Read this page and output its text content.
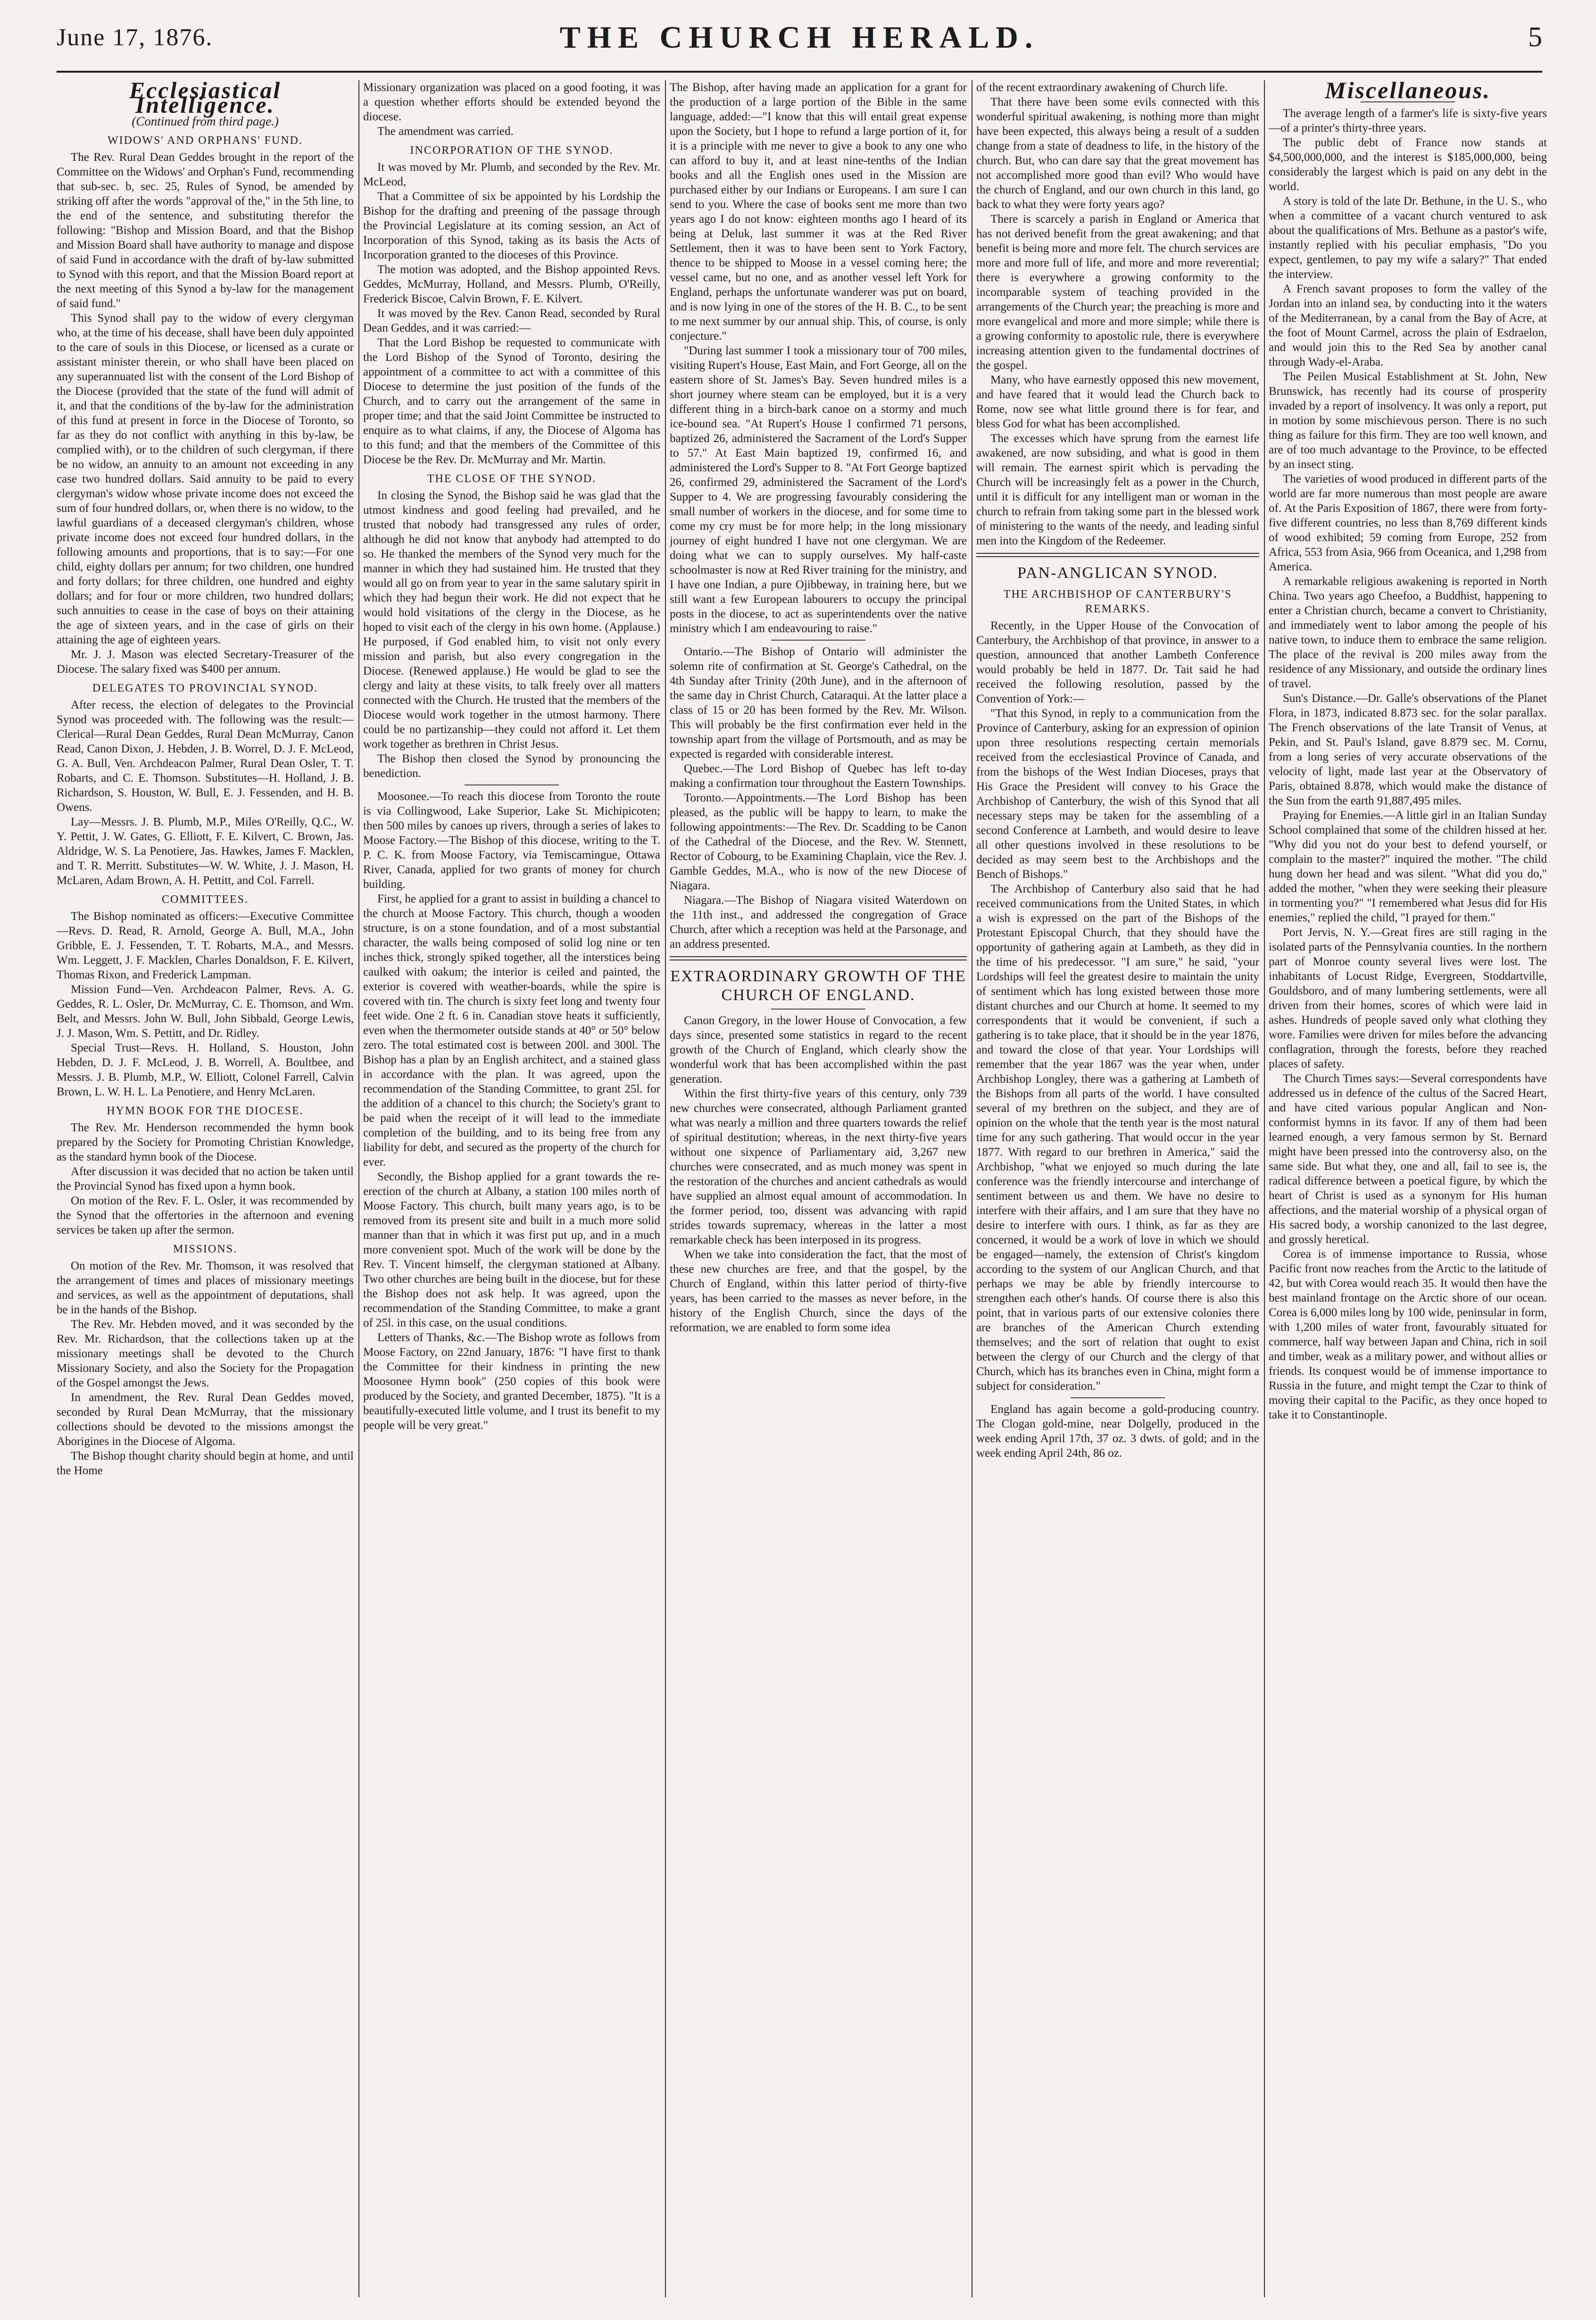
June 17, 1876.	THE CHURCH HERALD.	5
Ecclesiastical Intelligence.
(Continued from third page.)
WIDOWS' AND ORPHANS' FUND.

The Rev. Rural Dean Geddes brought in the report of the Committee on the Widows' and Orphan's Fund, recommending that sub-sec. b, sec. 25, Rules of Synod, be amended by striking off after the words "approval of the," in the 5th line, to the end of the sentence, and substituting therefor the following: "Bishop and Mission Board, and that the Bishop and Mission Board shall have authority to manage and dispose of said Fund in accordance with the draft of by-law submitted to Synod with this report, and that the Mission Board report at the next meeting of this Synod a by-law for the management of said fund."

This Synod shall pay to the widow of every clergyman who, at the time of his decease, shall have been duly appointed to the care of souls in this Diocese, or licensed as a curate or assistant minister therein, or who shall have been placed on any superannuated list with the consent of the Lord Bishop of the Diocese (provided that the state of the fund will admit of it, and that the conditions of the by-law for the administration of this fund at present in force in the Diocese of Toronto, so far as they do not conflict with anything in this by-law, be complied with), or to the children of such clergyman, if there be no widow, an annuity to an amount not exceeding in any case two hundred dollars. Said annuity to be paid to every clergyman's widow whose private income does not exceed the sum of four hundred dollars, or, when there is no widow, to the lawful guardians of a deceased clergyman's children, whose private income does not exceed four hundred dollars, in the following amounts and proportions, that is to say:—For one child, eighty dollars per annum; for two children, one hundred and forty dollars; for three children, one hundred and eighty dollars; and for four or more children, two hundred dollars; such annuities to cease in the case of boys on their attaining the age of sixteen years, and in the case of girls on their attaining the age of eighteen years.

Mr. J. J. Mason was elected Secretary-Treasurer of the Diocese. The salary fixed was $400 per annum.

DELEGATES TO PROVINCIAL SYNOD.

After recess, the election of delegates to the Provincial Synod was proceeded with. The following was the result:—Clerical—Rural Dean Geddes, Rural Dean McMurray, Canon Read, Canon Dixon, J. Hebden, J. B. Worrel, D. J. F. McLeod, G. A. Bull, Ven. Archdeacon Palmer, Rural Dean Osler, T. T. Robarts, and C. E. Thomson. Substitutes—H. Holland, J. B. Richardson, S. Houston, W. Bull, E. J. Fessenden, and H. B. Owens.

Lay—Messrs. J. B. Plumb, M.P., Miles O'Reilly, Q.C., W. Y. Pettit, J. W. Gates, G. Elliott, F. E. Kilvert, C. Brown, Jas. Aldridge, W. S. La Penotiere, Jas. Hawkes, James F. Macklen, and T. R. Merritt. Substitutes—W. W. White, J. J. Mason, H. McLaren, Adam Brown, A. H. Pettitt, and Col. Farrell.

COMMITTEES.

The Bishop nominated as officers:—Executive Committee—Revs. D. Read, R. Arnold, George A. Bull, M.A., John Gribble, E. J. Fessenden, T. T. Robarts, M.A., and Messrs. Wm. Leggett, J. F. Macklen, Charles Donaldson, F. E. Kilvert, Thomas Rixon, and Frederick Lampman.

Mission Fund—Ven. Archdeacon Palmer, Revs. A. G. Geddes, R. L. Osler, Dr. McMurray, C. E. Thomson, and Wm. Belt, and Messrs. John W. Bull, John Sibbald, George Lewis, J. J. Mason, Wm. S. Pettitt, and Dr. Ridley.

Special Trust—Revs. H. Holland, S. Houston, John Hebden, D. J. F. McLeod, J. B. Worrell, A. Boultbee, and Messrs. J. B. Plumb, M.P., W. Elliott, Colonel Farrell, Calvin Brown, L. W. H. L. La Penotiere, and Henry McLaren.

HYMN BOOK FOR THE DIOCESE.

The Rev. Mr. Henderson recommended the hymn book prepared by the Society for Promoting Christian Knowledge, as the standard hymn book of the Diocese.

After discussion it was decided that no action be taken until the Provincial Synod has fixed upon a hymn book.

On motion of the Rev. F. L. Osler, it was recommended by the Synod that the offertories in the afternoon and evening services be taken up after the sermon.

MISSIONS.

On motion of the Rev. Mr. Thomson, it was resolved that the arrangement of times and places of missionary meetings and services, as well as the appointment of deputations, shall be in the hands of the Bishop.

The Rev. Mr. Hebden moved, and it was seconded by the Rev. Mr. Richardson, that the collections taken up at the missionary meetings shall be devoted to the Church Missionary Society, and also the Society for the Propagation of the Gospel amongst the Jews.

In amendment, the Rev. Rural Dean Geddes moved, seconded by Rural Dean McMurray, that the missionary collections should be devoted to the missions amongst the Aborigines in the Diocese of Algoma.

The Bishop thought charity should begin at home, and until the Home

Missionary organization was placed on a good footing, it was a question whether efforts should be extended beyond the diocese.

The amendment was carried.

INCORPORATION OF THE SYNOD.

It was moved by Mr. Plumb, and seconded by the Rev. Mr. McLeod,

That a Committee of six be appointed by his Lordship the Bishop for the drafting and preening of the passage through the Provincial Legislature at its coming session, an Act of Incorporation of this Synod, taking as its basis the Acts of Incorporation granted to the dioceses of this Province.

The motion was adopted, and the Bishop appointed Revs. Geddes, McMurray, Holland, and Messrs. Plumb, O'Reilly, Frederick Biscoe, Calvin Brown, F. E. Kilvert.

It was moved by the Rev. Canon Read, seconded by Rural Dean Geddes, and it was carried:—

That the Lord Bishop be requested to communicate with the Lord Bishop of the Synod of Toronto, desiring the appointment of a committee to act with a committee of this Diocese to determine the just position of the funds of the Church, and to carry out the arrangement of the same in proper time; and that the said Joint Committee be instructed to enquire as to what claims, if any, the Diocese of Algoma has to this fund; and that the members of the Committee of this Diocese be the Rev. Dr. McMurray and Mr. Martin.

THE CLOSE OF THE SYNOD.

In closing the Synod, the Bishop said he was glad that the utmost kindness and good feeling had prevailed, and he trusted that nobody had transgressed any rules of order, although he did not know that anybody had attempted to do so. He thanked the members of the Synod very much for the manner in which they had sustained him. He trusted that they would all go on from year to year in the same salutary spirit in which they had begun their work. He did not expect that he would hold visitations of the clergy in the Diocese, as he hoped to visit each of the clergy in his own home. (Applause.) He purposed, if God enabled him, to visit not only every mission and parish, but also every congregation in the Diocese. (Renewed applause.) He would be glad to see the clergy and laity at these visits, to talk freely over all matters connected with the Church. He trusted that the members of the Diocese would work together in the utmost harmony. There could be no partizanship—they could not afford it. Let them work together as brethren in Christ Jesus.

The Bishop then closed the Synod by pronouncing the benediction.

Moosonee.—To reach this diocese from Toronto the route is via Collingwood, Lake Superior, Lake St. Michipicoten; then 500 miles by canoes up rivers, through a series of lakes to Moose Factory.—The Bishop of this diocese, writing to the T. P. C. K. from Moose Factory, via Temiscamingue, Ottawa River, Canada, applied for two grants of money for church building.

First, he applied for a grant to assist in building a chancel to the church at Moose Factory. This church, though a wooden structure, is on a stone foundation, and of a most substantial character, the walls being composed of solid log nine or ten inches thick, strongly spiked together, all the interstices being caulked with oakum; the interior is ceiled and painted, the exterior is covered with weather-boards, while the spire is covered with tin. The church is sixty feet long and twenty four feet wide. One 2 ft. 6 in. Canadian stove heats it sufficiently, even when the thermometer outside stands at 40° or 50° below zero. The total estimated cost is between 200l. and 300l. The Bishop has a plan by an English architect, and a stained glass in accordance with the plan. It was agreed, upon the recommendation of the Standing Committee, to grant 25l. for the addition of a chancel to this church; the Society's grant to be paid when the receipt of it will lead to the immediate completion of the building, and to its being free from any liability for debt, and secured as the property of the church for ever.

Secondly, the Bishop applied for a grant towards the re-erection of the church at Albany, a station 100 miles north of Moose Factory. This church, built many years ago, is to be removed from its present site and built in a much more solid manner than that in which it was first put up, and in a much more convenient spot. Much of the work will be done by the Rev. T. Vincent himself, the clergyman stationed at Albany. Two other churches are being built in the diocese, but for these the Bishop does not ask help. It was agreed, upon the recommendation of the Standing Committee, to make a grant of 25l. in this case, on the usual conditions.

Letters of Thanks, &c.—The Bishop wrote as follows from Moose Factory, on 22nd January, 1876: "I have first to thank the Committee for their kindness in printing the new Moosonee Hymn book" (250 copies of this book were produced by the Society, and granted December, 1875). "It is a beautifully-executed little volume, and I trust its benefit to my people will be very great."

The Bishop, after having made an application for a grant for the production of a large portion of the Bible in the same language, added:—"I know that this will entail great expense upon the Society, but I hope to refund a large portion of it, for it is a principle with me never to give a book to any one who can afford to buy it, and at least nine-tenths of the Indian books and all the English ones used in the Mission are purchased either by our Indians or Europeans. I am sure I can send to you. Where the case of books sent me more than two years ago I do not know: eighteen months ago I heard of its being at Deluk, last summer it was at the Red River Settlement, then it was to have been sent to York Factory, thence to be shipped to Moose in a vessel coming here; the vessel came, but no one, and as another vessel left York for England, perhaps the unfortunate wanderer was put on board, and is now lying in one of the stores of the H. B. C., to be sent to me next summer by our annual ship. This, of course, is only conjecture."

"During last summer I took a missionary tour of 700 miles, visiting Rupert's House, East Main, and Fort George, all on the eastern shore of St. James's Bay. Seven hundred miles is a short journey where steam can be employed, but it is a very different thing in a birch-bark canoe on a stormy and much ice-bound sea. "At Rupert's House I confirmed 71 persons, baptized 26, administered the Sacrament of the Lord's Supper to 57." At East Main baptized 19, confirmed 16, and administered the Lord's Supper to 8. "At Fort George baptized 26, confirmed 29, administered the Sacrament of the Lord's Supper to 4. We are progressing favourably considering the small number of workers in the diocese, and for some time to come my cry must be for more help; in the long missionary journey of eight hundred I have not one clergyman. We are doing what we can to supply ourselves. My half-caste schoolmaster is now at Red River training for the ministry, and I have one Indian, a pure Ojibbeway, in training here, but we still want a few European labourers to occupy the principal posts in the diocese, to act as superintendents over the native ministry which I am endeavouring to raise."

Ontario.—The Bishop of Ontario will administer the solemn rite of confirmation at St. George's Cathedral, on the 4th Sunday after Trinity (20th June), and in the afternoon of the same day in Christ Church, Cataraqui. At the latter place a class of 15 or 20 has been formed by the Rev. Mr. Wilson. This will probably be the first confirmation ever held in the township apart from the village of Portsmouth, and as may be expected is regarded with considerable interest.

Quebec.—The Lord Bishop of Quebec has left to-day making a confirmation tour throughout the Eastern Townships.

Toronto.—Appointments.—The Lord Bishop has been pleased, as the public will be happy to learn, to make the following appointments:—The Rev. Dr. Scadding to be Canon of the Cathedral of the Diocese, and the Rev. W. Stennett, Rector of Cobourg, to be Examining Chaplain, vice the Rev. J. Gamble Geddes, M.A., who is now of the new Diocese of Niagara.

Niagara.—The Bishop of Niagara visited Waterdown on the 11th inst., and addressed the congregation of Grace Church, after which a reception was held at the Parsonage, and an address presented.

EXTRAORDINARY GROWTH OF THE CHURCH OF ENGLAND.

Canon Gregory, in the lower House of Convocation, a few days since, presented some statistics in regard to the recent growth of the Church of England, which clearly show the wonderful work that has been accomplished within the past generation.

Within the first thirty-five years of this century, only 739 new churches were consecrated, although Parliament granted what was nearly a million and three quarters towards the relief of spiritual destitution; whereas, in the next thirty-five years without one sixpence of Parliamentary aid, 3,267 new churches were consecrated, and as much money was spent in the restoration of the churches and ancient cathedrals as would have supplied an almost equal amount of accommodation. In the former period, too, dissent was advancing with rapid strides towards supremacy, whereas in the latter a most remarkable check has been interposed in its progress.

When we take into consideration the fact, that the most of these new churches are free, and that the gospel, by the Church of England, within this latter period of thirty-five years, has been carried to the masses as never before, in the history of the English Church, since the days of the reformation, we are enabled to form some idea

Miscellaneous.

The average length of a farmer's life is sixty-five years—of a printer's thirty-three years.

The public debt of France now stands at $4,500,000,000, and the interest is $185,000,000, being considerably the largest which is paid on any debt in the world.

A story is told of the late Dr. Bethune, in the U. S., who when a committee of a vacant church ventured to ask about the qualifications of Mrs. Bethune as a pastor's wife, instantly replied with his peculiar emphasis, "Do you expect, gentlemen, to pay my wife a salary?" That ended the interview.

A French savant proposes to form the valley of the Jordan into an inland sea, by conducting into it the waters of the Mediterranean, by a canal from the Bay of Acre, at the foot of Mount Carmel, across the plain of Esdraelon, and would join this to the Red Sea by another canal through Wady-el-Araba.

The Peilen Musical Establishment at St. John, New Brunswick, has recently had its course of prosperity invaded by a report of insolvency. It was only a report, put in motion by some mischievous person. There is no such thing as failure for this firm. They are too well known, and are of too much advantage to the Province, to be effected by an insect sting.

The varieties of wood produced in different parts of the world are far more numerous than most people are aware of. At the Paris Exposition of 1867, there were from forty-five different countries, no less than 8,769 different kinds of wood exhibited; 59 coming from Europe, 252 from Africa, 553 from Asia, 966 from Oceanica, and 1,298 from America.

A remarkable religious awakening is reported in North China. Two years ago Cheefoo, a Buddhist, happening to enter a Christian church, became a convert to Christianity, and immediately went to labor among the people of his native town, to induce them to embrace the same religion. The place of the revival is 200 miles away from the residence of any Missionary, and outside the ordinary lines of travel.

Sun's Distance.—Dr. Galle's observations of the Planet Flora, in 1873, indicated 8.873 sec. for the solar parallax. The French observations of the late Transit of Venus, at Pekin, and St. Paul's Island, gave 8.879 sec. M. Cornu, from a long series of very accurate observations of the velocity of light, made last year at the Observatory of Paris, obtained 8.878, which would make the distance of the Sun from the earth 91,887,495 miles.

Praying for Enemies.—A little girl in an Italian Sunday School complained that some of the children hissed at her. "Why did you not do your best to defend yourself, or complain to the master?" inquired the mother. "The child hung down her head and was silent. "What did you do," added the mother, "when they were seeking their pleasure in tormenting you?" "I remembered what Jesus did for His enemies," replied the child, "I prayed for them."

Port Jervis, N. Y.—Great fires are still raging in the isolated parts of the Pennsylvania counties. In the northern part of Monroe county several lives were lost. The inhabitants of Locust Ridge, Evergreen, Stoddartville, Gouldsboro, and of many lumbering settlements, were all driven from their homes, scores of which were laid in ashes. Hundreds of people saved only what clothing they wore. Families were driven for miles before the advancing conflagration, through the forests, before they reached places of safety.

The Church Times says:—Several correspondents have addressed us in defence of the cultus of the Sacred Heart, and have cited various popular Anglican and Non-conformist hymns in its favor. If any of them had been learned enough, a very famous sermon by St. Bernard might have been pressed into the controversy also, on the same side. But what they, one and all, fail to see is, the radical difference between a poetical figure, by which the heart of Christ is used as a synonym for His human affections, and the material worship of a physical organ of His sacred body, a worship canonized to the last degree, and grossly heretical.

Corea is of immense importance to Russia, whose Pacific front now reaches from the Arctic to the latitude of 42, but with Corea would reach 35. It would then have the best mainland frontage on the Arctic shore of our ocean. Corea is 6,000 miles long by 100 wide, peninsular in form, with 1,200 miles of water front, favourably situated for commerce, half way between Japan and China, rich in soil and timber, weak as a military power, and without allies or friends. Its conquest would be of immense importance to Russia in the future, and might tempt the Czar to think of moving their capital to the Pacific, as they once hoped to take it to Constantinople.

of the recent extraordinary awakening of Church life.

That there have been some evils connected with this wonderful spiritual awakening, is nothing more than might have been expected, this always being a result of a sudden change from a state of deadness to life, in the history of the church. But, who can dare say that the great movement has not accomplished more good than evil? Who would have the church of England, and our own church in this land, go back to what they were forty years ago?

There is scarcely a parish in England or America that has not derived benefit from the great awakening; and that benefit is being more and more felt. The church services are more and more full of life, and more and more reverential; there is everywhere a growing conformity to the incomparable system of teaching provided in the arrangements of the Church year; the preaching is more and more evangelical and more and more simple; while there is a growing conformity to apostolic rule, there is everywhere increasing attention given to the fundamental doctrines of the gospel.

Many, who have earnestly opposed this new movement, and have feared that it would lead the Church back to Rome, now see what little ground there is for fear, and bless God for what has been accomplished.

The excesses which have sprung from the earnest life awakened, are now subsiding, and what is good in them will remain. The earnest spirit which is pervading the Church will be increasingly felt as a power in the Church, until it is difficult for any intelligent man or woman in the church to refrain from taking some part in the blessed work of ministering to the wants of the needy, and leading sinful men into the Kingdom of the Redeemer.

PAN-ANGLICAN SYNOD.
THE ARCHBISHOP OF CANTERBURY'S REMARKS.

Recently, in the Upper House of the Convocation of Canterbury, the Archbishop of that province, in answer to a question, announced that another Lambeth Conference would probably be held in 1877. Dr. Tait said he had received the following resolution, passed by the Convention of York:—

"That this Synod, in reply to a communication from the Province of Canterbury, asking for an expression of opinion upon three resolutions respecting certain memorials received from the ecclesiastical Province of Canada, and from the bishops of the West Indian Dioceses, prays that His Grace the President will convey to his Grace the Archbishop of Canterbury, the wish of this Synod that all necessary steps may be taken for the assembling of a second Conference at Lambeth, and would desire to leave all other questions involved in these resolutions to be decided as may seem best to the Archbishops and the Bench of Bishops."

The Archbishop of Canterbury also said that he had received communications from the United States, in which a wish is expressed on the part of the Bishops of the Protestant Episcopal Church, that they should have the opportunity of gathering again at Lambeth, as they did in the time of his predecessor. "I am sure," he said, "your Lordships will feel the greatest desire to maintain the unity of sentiment which has long existed between those more distant churches and our Church at home. It seemed to my correspondents that it would be convenient, if such a gathering is to take place, that it should be in the year 1876, and toward the close of that year. Your Lordships will remember that the year 1867 was the year when, under Archbishop Longley, there was a gathering at Lambeth of the Bishops from all parts of the world. I have consulted several of my brethren on the subject, and they are of opinion on the whole that the tenth year is the most natural time for any such gathering. That would occur in the year 1877. With regard to our brethren in America," said the Archbishop, "what we enjoyed so much during the late conference was the friendly intercourse and interchange of sentiment between us and them. We have no desire to interfere with their affairs, and I am sure that they have no desire to interfere with ours. I think, as far as they are concerned, it would be a work of love in which we should be engaged—namely, the extension of Christ's kingdom according to the system of our Anglican Church, and that perhaps we may be able by friendly intercourse to strengthen each other's hands. Of course there is also this point, that in various parts of our extensive colonies there are branches of the American Church extending themselves; and the sort of relation that ought to exist between the clergy of our Church and the clergy of that Church, which has its branches even in China, might form a subject for consideration."

England has again become a gold-producing country. The Clogan gold-mine, near Dolgelly, produced in the week ending April 17th, 37 oz. 3 dwts. of gold; and in the week ending April 24th, 86 oz.
